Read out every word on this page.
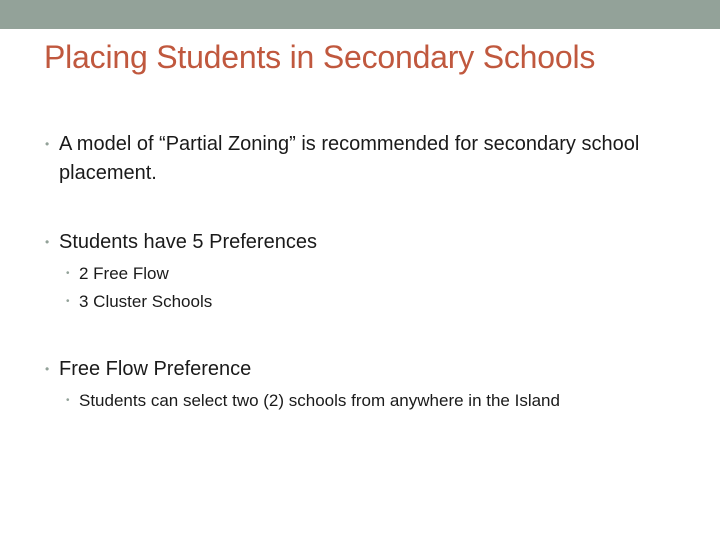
Placing Students in Secondary Schools
• A model of “Partial Zoning” is recommended for secondary school placement.
• Students have 5 Preferences
• 2 Free Flow
• 3 Cluster Schools
• Free Flow Preference
• Students can select two (2) schools from anywhere in the Island
